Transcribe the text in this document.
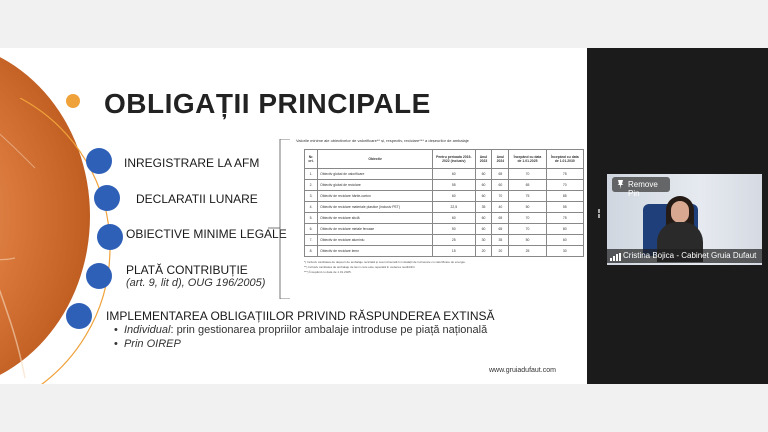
OBLIGAȚII PRINCIPALE
INREGISTRARE LA AFM
DECLARATII LUNARE
OBIECTIVE MINIME LEGALE
PLATĂ CONTRIBUȚIE
(art. 9, lit d), OUG 196/2005)
IMPLEMENTAREA OBLIGAȚIILOR PRIVIND RĂSPUNDEREA EXTINSĂ
•  Individual: prin gestionarea propriilor ambalaje introduse pe piață națională
•  Prin OIREP
Valorile minime ale obiectivelor de valorificare** și, respectiv, reciclare*** a deșeurilor de ambalaje
Nr. crt.	Obiectiv	Pentru perioada 2019-2022 (inclusiv)	Anul 2023	Anul 2024	Începând cu data de 1.01.2025	Începând cu data de 1.01.2030
1.	Obiectiv global de valorificare	60	60	65	70	75
2.	Obiectiv global de reciclare	55	60	60	65	70
3.	Obiectiv de reciclare hârtie-carton	60	60	70	75	85
4.	Obiectiv de reciclare materiale plastice (inclusiv PET)	22,5	35	40	50	55
5.	Obiectiv de reciclare sticlă	60	60	65	70	75
6.	Obiectiv de reciclare metale feroase	50	60	65	70	80
7.	Obiectiv de reciclare aluminiu	25	30	35	50	60
8.	Obiectiv de reciclare lemn	15	20	20	25	30
*) Inclusiv cantitatea de deșeuri de ambalaje reciclată și cea incinerată în instalații de incinerare cu valorificare de energie.
**) Inclusiv cantitatea de ambalaje de lemn care este reparată în vederea reutilizării.
***) Începând cu data de 1.01.2025.
www.gruiadufaut.com
Remove Pin
Cristina Bojica - Cabinet Gruia Dufaut
